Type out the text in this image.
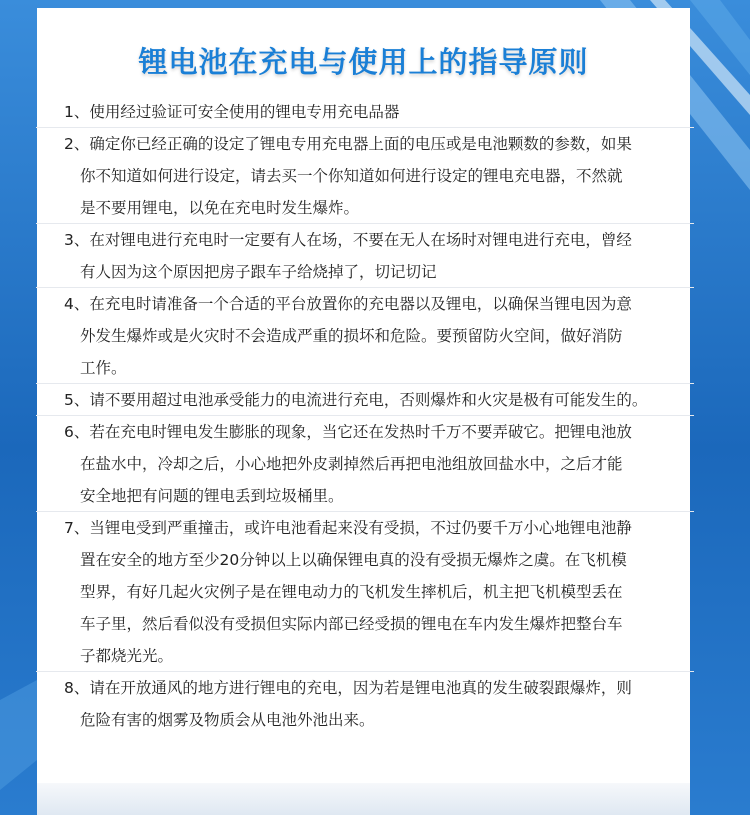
锂电池在充电与使用上的指导原则
1、使用经过验证可安全使用的锂电专用充电品器
2、确定你已经正确的设定了锂电专用充电器上面的电压或是电池颗数的参数，如果
你不知道如何进行设定，请去买一个你知道如何进行设定的锂电充电器，不然就
是不要用锂电，以免在充电时发生爆炸。
3、在对锂电进行充电时一定要有人在场，不要在无人在场时对锂电进行充电，曾经
有人因为这个原因把房子跟车子给烧掉了，切记切记
4、在充电时请准备一个合适的平台放置你的充电器以及锂电，以确保当锂电因为意
外发生爆炸或是火灾时不会造成严重的损坏和危险。要预留防火空间，做好消防
工作。
5、请不要用超过电池承受能力的电流进行充电，否则爆炸和火灾是极有可能发生的。
6、若在充电时锂电发生膨胀的现象，当它还在发热时千万不要弄破它。把锂电池放
在盐水中，冷却之后，小心地把外皮剥掉然后再把电池组放回盐水中，之后才能
安全地把有问题的锂电丢到垃圾桶里。
7、当锂电受到严重撞击，或许电池看起来没有受损，不过仍要千万小心地锂电池静
置在安全的地方至少20分钟以上以确保锂电真的没有受损无爆炸之虞。在飞机模
型界，有好几起火灾例子是在锂电动力的飞机发生摔机后，机主把飞机模型丢在
车子里，然后看似没有受损但实际内部已经受损的锂电在车内发生爆炸把整台车
子都烧光光。
8、请在开放通风的地方进行锂电的充电，因为若是锂电池真的发生破裂跟爆炸，则
危险有害的烟雾及物质会从电池外池出来。
